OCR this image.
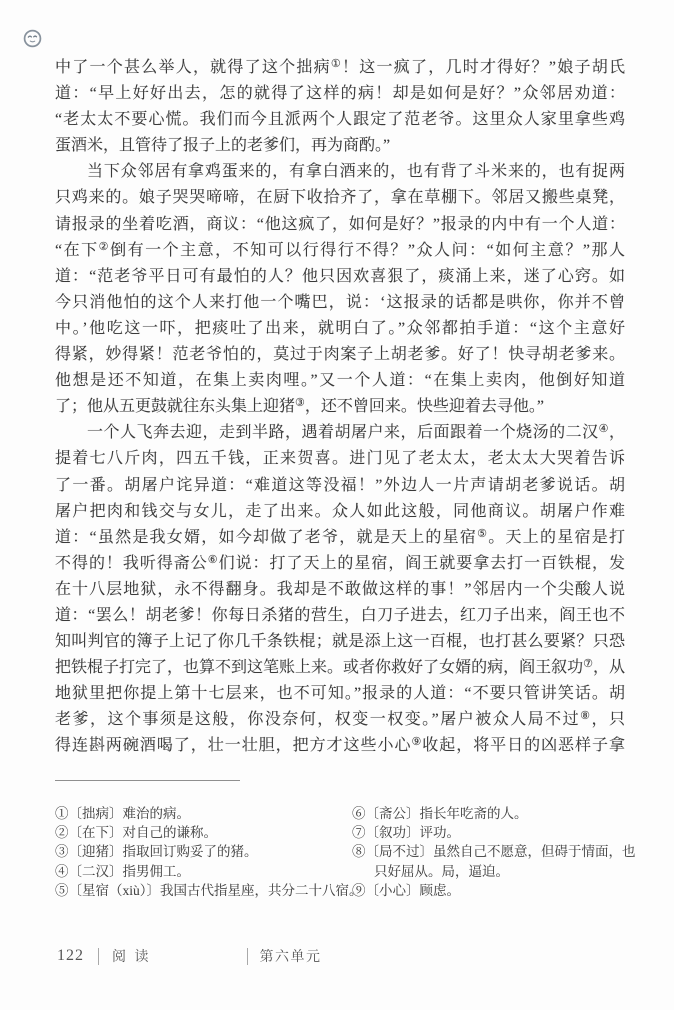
中了一个甚么举人，就得了这个拙病①！这一疯了，几时才得好？”娘子胡氏
道：“早上好好出去，怎的就得了这样的病！却是如何是好？”众邻居劝道：
“老太太不要心慌。我们而今且派两个人跟定了范老爷。这里众人家里拿些鸡
蛋酒米，且管待了报子上的老爹们，再为商酌。”
当下众邻居有拿鸡蛋来的，有拿白酒来的，也有背了斗米来的，也有捉两
只鸡来的。娘子哭哭啼啼，在厨下收拾齐了，拿在草棚下。邻居又搬些桌凳，
请报录的坐着吃酒，商议：“他这疯了，如何是好？”报录的内中有一个人道：
“在下②倒有一个主意，不知可以行得行不得？”众人问：“如何主意？”那人
道：“范老爷平日可有最怕的人？他只因欢喜狠了，痰涌上来，迷了心窍。如
今只消他怕的这个人来打他一个嘴巴，说：‘这报录的话都是哄你，你并不曾
中。’他吃这一吓，把痰吐了出来，就明白了。”众邻都拍手道：“这个主意好
得紧，妙得紧！范老爷怕的，莫过于肉案子上胡老爹。好了！快寻胡老爹来。
他想是还不知道，在集上卖肉哩。”又一个人道：“在集上卖肉，他倒好知道
了；他从五更鼓就往东头集上迎猪③，还不曾回来。快些迎着去寻他。”
一个人飞奔去迎，走到半路，遇着胡屠户来，后面跟着一个烧汤的二汉④，
提着七八斤肉，四五千钱，正来贺喜。进门见了老太太，老太太大哭着告诉
了一番。胡屠户诧异道：“难道这等没福！”外边人一片声请胡老爹说话。胡
屠户把肉和钱交与女儿，走了出来。众人如此这般，同他商议。胡屠户作难
道：“虽然是我女婿，如今却做了老爷，就是天上的星宿⑤。天上的星宿是打
不得的！我听得斋公⑥们说：打了天上的星宿，阎王就要拿去打一百铁棍，发
在十八层地狱，永不得翻身。我却是不敢做这样的事！”邻居内一个尖酸人说
道：“罢么！胡老爹！你每日杀猪的营生，白刀子进去，红刀子出来，阎王也不
知叫判官的簿子上记了你几千条铁棍；就是添上这一百棍，也打甚么要紧？只恐
把铁棍子打完了，也算不到这笔账上来。或者你救好了女婿的病，阎王叙功⑦，从
地狱里把你提上第十七层来，也不可知。”报录的人道：“不要只管讲笑话。胡
老爹，这个事须是这般，你没奈何，权变一权变。”屠户被众人局不过⑧，只
得连斟两碗酒喝了，壮一壮胆，把方才这些小心⑨收起，将平日的凶恶样子拿
①〔拙病〕难治的病。
②〔在下〕对自己的谦称。
③〔迎猪〕指取回订购妥了的猪。
④〔二汉〕指男佣工。
⑤〔星宿（xiù）〕我国古代指星座，共分二十八宿。
⑥〔斋公〕指长年吃斋的人。
⑦〔叙功〕评功。
⑧〔局不过〕虽然自己不愿意，但碍于情面，也
只好屈从。局，逼迫。
⑨〔小心〕顾虑。
122 阅 读	第六单元
